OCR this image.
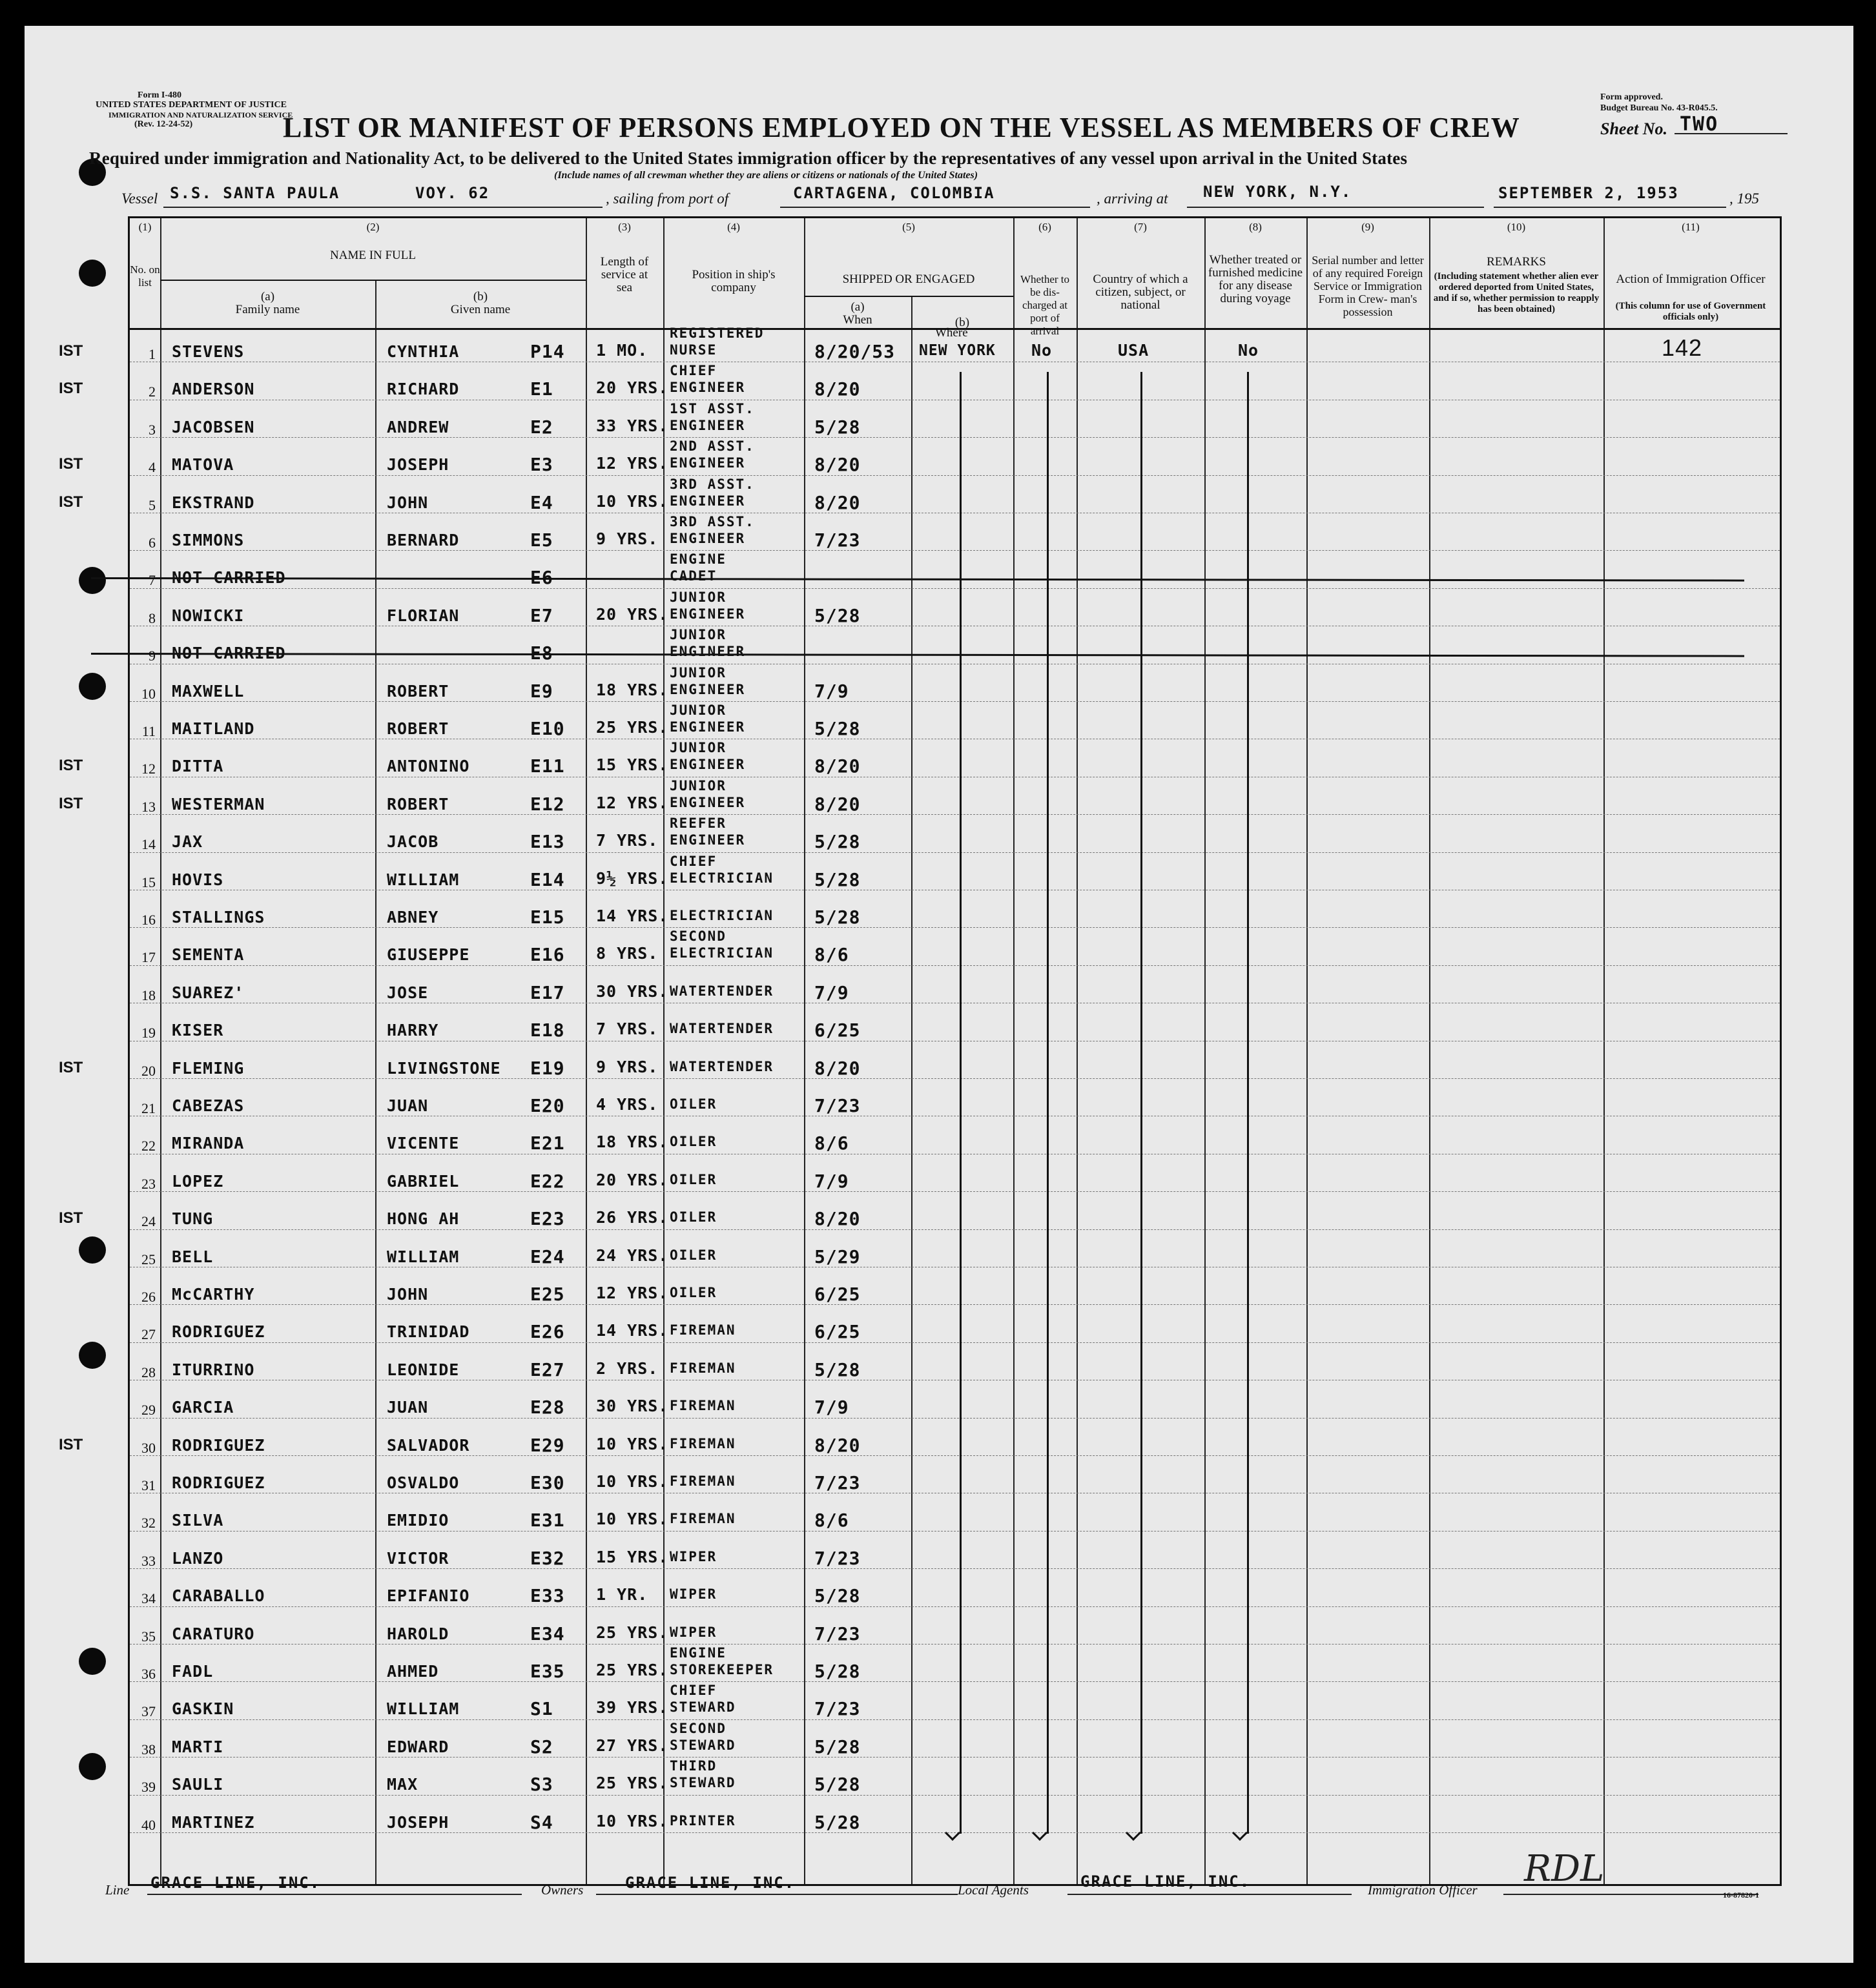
Form I-480
UNITED STATES DEPARTMENT OF JUSTICE
IMMIGRATION AND NATURALIZATION SERVICE
(Rev. 12-24-52)
Form approved.
Budget Bureau No. 43-R045.5.
LIST OR MANIFEST OF PERSONS EMPLOYED ON THE VESSEL AS MEMBERS OF CREW	Sheet No. TWO
Required under immigration and Nationality Act, to be delivered to the United States immigration officer by the representatives of any vessel upon arrival in the United States
(Include names of all crewman whether they are aliens or citizens or nationals of the United States)
Vessel S.S. SANTA PAULA	VOY. 62	, sailing from port of	CARTAGENA, COLOMBIA	, arriving at NEW YORK, N.Y.	SEPTEMBER 2, 1953	, 195
(1)	(2)	(3)	(4)	(5)	(6)	(7)	(8)	(9)	(10)	(11)
No. on list
NAME IN FULL
(a)
Family name
(b)
Given name
Length of service at sea
Position in ship's company
SHIPPED OR ENGAGED
(a)
When	(b)
Whether to be dis- charged at port of arrival
Country of which a citizen, subject, or national
Whether treated or furnished medicine for any disease during voyage
Serial number and letter of any required Foreign Service or Immigration Form in Crew- man's possession
REMARKS
(Including statement whether alien ever ordered deported from United States, and if so, whether permission to reapply has been obtained)
Action of Immigration Officer
(This column for use of Government officials only)
IST	1 STEVENS	CYNTHIA	P14 1 MO.
REGISTERED
NURSE	8/20/53 NEW YORK No	USA	No	142
IST	2 ANDERSON	RICHARD	E1	20 YRS.
CHIEF
ENGINEER	8/20
3 JACOBSEN	ANDREW	E2	33 YRS.
1ST ASST.
ENGINEER	5/28
IST	4 MATOVA	JOSEPH	E3	12 YRS.
2ND ASST.
ENGINEER	8/20
IST	5 EKSTRAND	JOHN	E4	10 YRS.
3RD ASST.
ENGINEER	8/20
6 SIMMONS	BERNARD	E5	9 YRS.
3RD ASST.
ENGINEER	7/23
7 NOT CARRIED	E6
ENGINE
CADET
8 NOWICKI	FLORIAN	E7	20 YRS.
JUNIOR
ENGINEER	5/28
9 NOT CARRIED	E8
JUNIOR
ENGINEER
10 MAXWELL	ROBERT	E9	18 YRS.
JUNIOR
ENGINEER	7/9
11 MAITLAND	ROBERT	E10 25 YRS.
JUNIOR
ENGINEER	5/28
IST	12 DITTA	ANTONINO	E11 15 YRS.
JUNIOR
ENGINEER	8/20
IST	13 WESTERMAN	ROBERT	E12 12 YRS.
JUNIOR
ENGINEER	8/20
14 JAX	JACOB	E13 7 YRS.
REEFER
ENGINEER	5/28
15 HOVIS	WILLIAM	E14 9½ YRS.
CHIEF
ELECTRICIAN 5/28
16 STALLINGS	ABNEY	E15 14 YRS. ELECTRICIAN 5/28
17 SEMENTA	GIUSEPPE	E16 8 YRS.
SECOND
ELECTRICIAN 8/6
18 SUAREZ'	JOSE	E17 30 YRS. WATERTENDER 7/9
19 KISER	HARRY	E18 7 YRS. WATERTENDER 6/25
IST	20 FLEMING	LIVINGSTONE E19 9 YRS. WATERTENDER 8/20
21 CABEZAS	JUAN	E20 4 YRS. OILER	7/23
22 MIRANDA	VICENTE	E21 18 YRS. OILER	8/6
23 LOPEZ	GABRIEL	E22 20 YRS. OILER	7/9
IST	24 TUNG	HONG AH	E23 26 YRS. OILER	8/20
25 BELL	WILLIAM	E24 24 YRS. OILER	5/29
26 McCARTHY	JOHN	E25 12 YRS. OILER	6/25
27 RODRIGUEZ	TRINIDAD	E26 14 YRS. FIREMAN	6/25
28 ITURRINO	LEONIDE	E27 2 YRS. FIREMAN	5/28
29 GARCIA	JUAN	E28 30 YRS. FIREMAN	7/9
IST	30 RODRIGUEZ	SALVADOR	E29 10 YRS. FIREMAN	8/20
31 RODRIGUEZ	OSVALDO	E30 10 YRS. FIREMAN	7/23
32 SILVA	EMIDIO	E31 10 YRS. FIREMAN	8/6
33 LANZO	VICTOR	E32 15 YRS. WIPER	7/23
34 CARABALLO	EPIFANIO	E33 1 YR. WIPER	5/28
35 CARATURO	HAROLD	E34 25 YRS. WIPER	7/23
36 FADL	AHMED	E35 25 YRS.
ENGINE
STOREKEEPER 5/28
37 GASKIN	WILLIAM	S1	39 YRS.
CHIEF
STEWARD	7/23
38 MARTI	EDWARD	S2	27 YRS.
SECOND
STEWARD	5/28
39 SAULI	MAX	S3	25 YRS.
THIRD
STEWARD	5/28
40 MARTINEZ	JOSEPH	S4	10 YRS. PRINTER	5/28
Where
Line GRACE LINE, INC.	Owners	GRACE LINE, INC.	Local Agents	GRACE LINE, INC.	Immigration Officer RDL
16-87820-1
